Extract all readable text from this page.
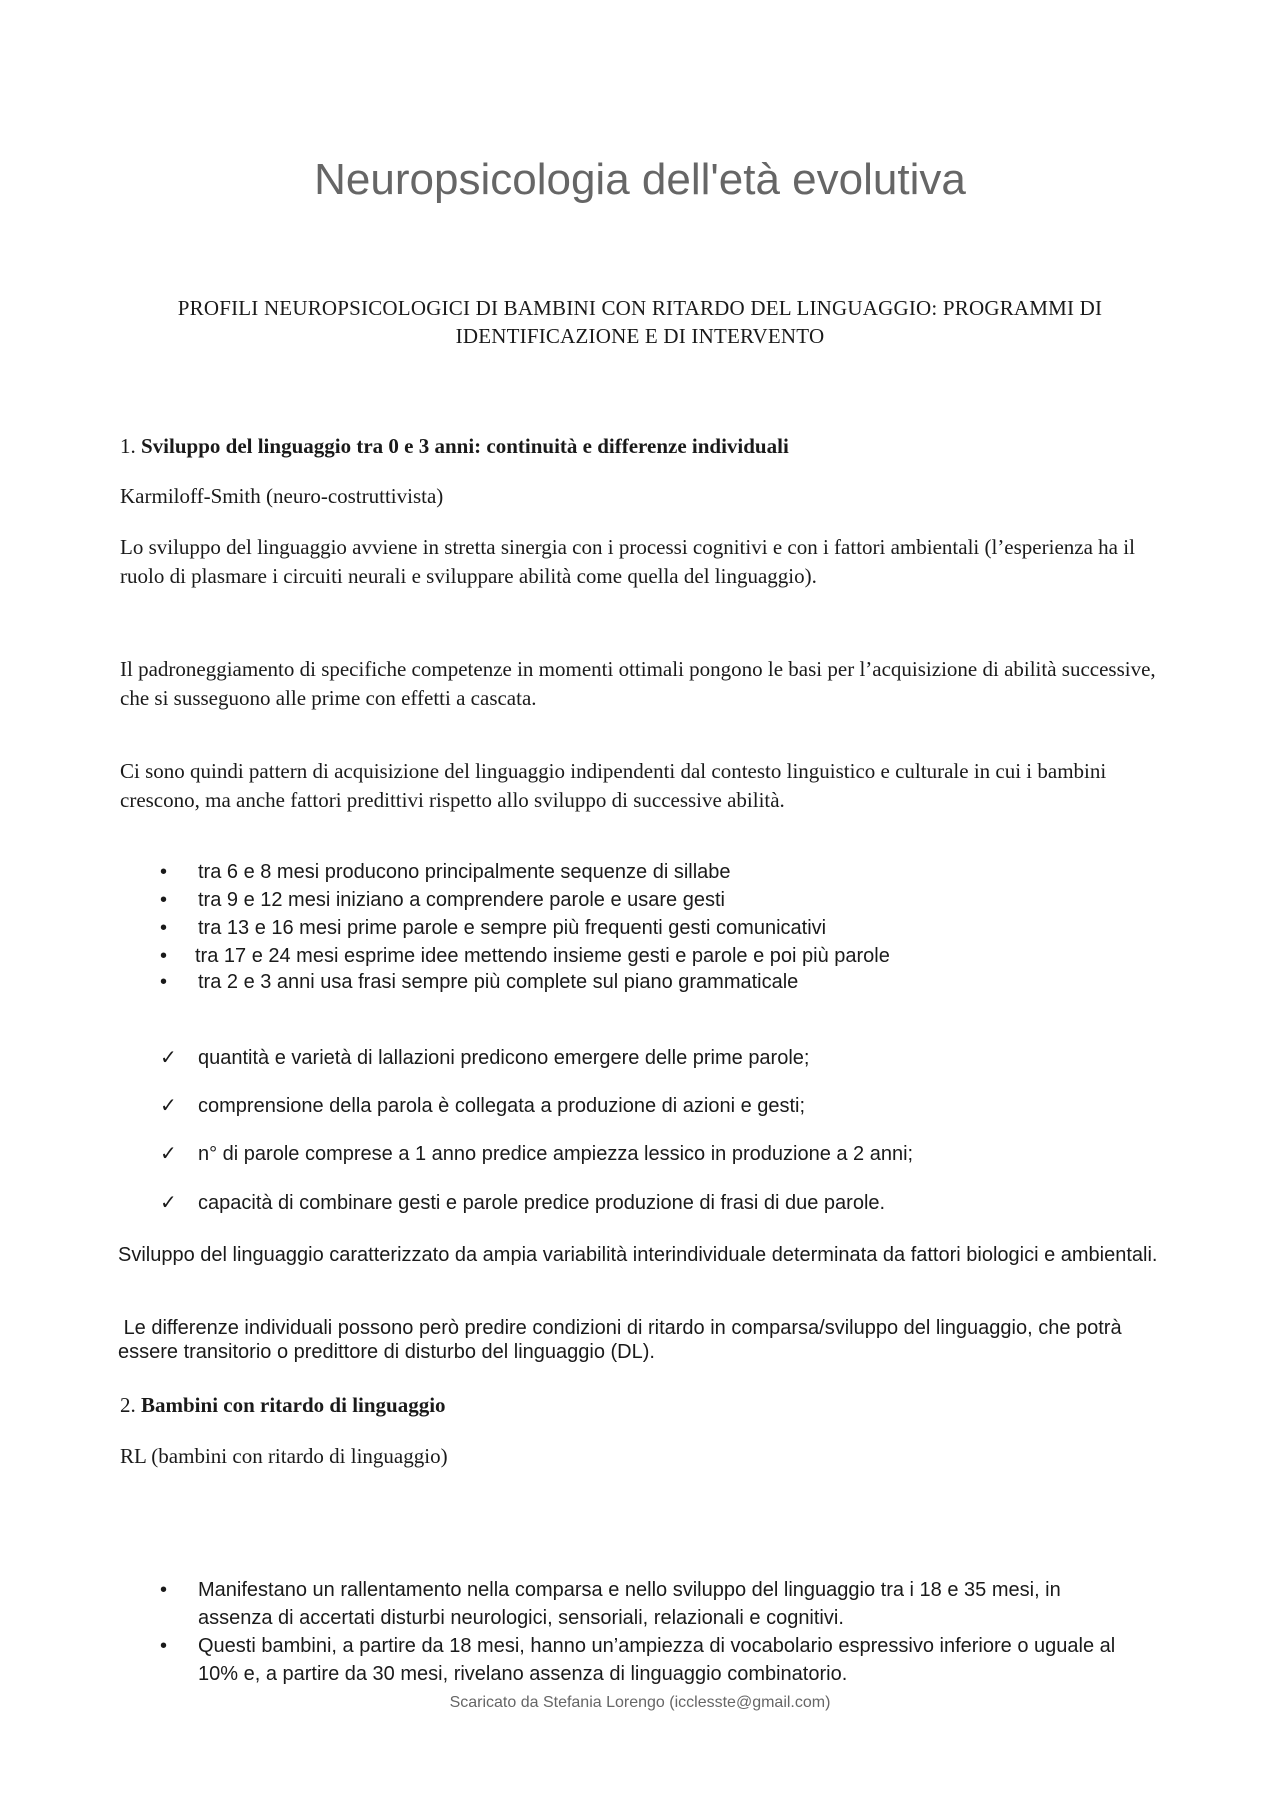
Neuropsicologia dell'età evolutiva
PROFILI NEUROPSICOLOGICI DI BAMBINI CON RITARDO DEL LINGUAGGIO: PROGRAMMI DI IDENTIFICAZIONE E DI INTERVENTO
1. Sviluppo del linguaggio tra 0 e 3 anni: continuità e differenze individuali
Karmiloff-Smith (neuro-costruttivista)
Lo sviluppo del linguaggio avviene in stretta sinergia con i processi cognitivi e con i fattori ambientali (l’esperienza ha il ruolo di plasmare i circuiti neurali e sviluppare abilità come quella del linguaggio).
Il padroneggiamento di specifiche competenze in momenti ottimali pongono le basi per l’acquisizione di abilità successive, che si susseguono alle prime con effetti a cascata.
Ci sono quindi pattern di acquisizione del linguaggio indipendenti dal contesto linguistico e culturale in cui i bambini crescono, ma anche fattori predittivi rispetto allo sviluppo di successive abilità.
•	tra 6 e 8 mesi producono principalmente sequenze di sillabe
•	tra 9 e 12 mesi iniziano a comprendere parole e usare gesti
•	tra 13 e 16 mesi prime parole e sempre più frequenti gesti comunicativi
•	tra 17 e 24 mesi esprime idee mettendo insieme gesti e parole e poi più parole
•	tra 2 e 3 anni usa frasi sempre più complete sul piano grammaticale
✓ quantità e varietà di lallazioni predicono emergere delle prime parole;
✓ comprensione della parola è collegata a produzione di azioni e gesti;
✓ n° di parole comprese a 1 anno predice ampiezza lessico in produzione a 2 anni;
✓ capacità di combinare gesti e parole predice produzione di frasi di due parole.
Sviluppo del linguaggio caratterizzato da ampia variabilità interindividuale determinata da fattori biologici e ambientali.
Le differenze individuali possono però predire condizioni di ritardo in comparsa/sviluppo del linguaggio, che potrà essere transitorio o predittore di disturbo del linguaggio (DL).
2. Bambini con ritardo di linguaggio
RL (bambini con ritardo di linguaggio)
• Manifestano un rallentamento nella comparsa e nello sviluppo del linguaggio tra i 18 e 35 mesi, in assenza di accertati disturbi neurologici, sensoriali, relazionali e cognitivi.
• Questi bambini, a partire da 18 mesi, hanno un’ampiezza di vocabolario espressivo inferiore o uguale al 10% e, a partire da 30 mesi, rivelano assenza di linguaggio combinatorio.
Scaricato da Stefania Lorengo (icclesste@gmail.com)
